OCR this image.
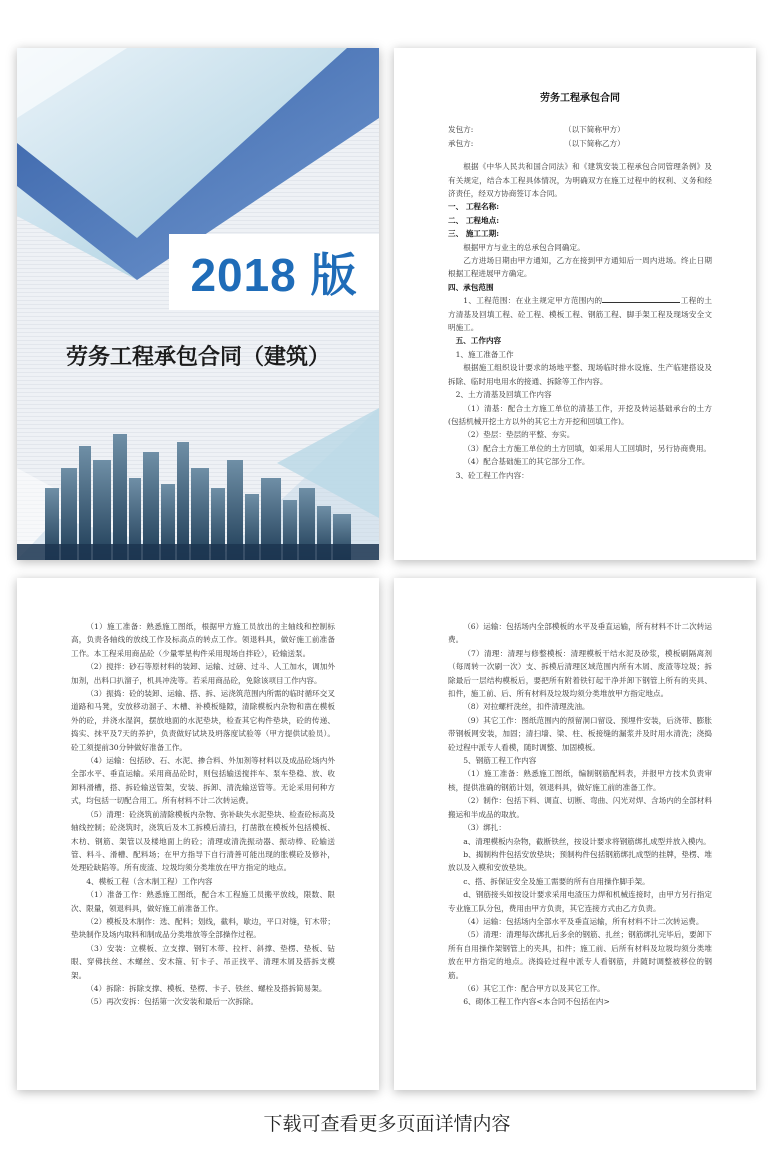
2018 版
劳务工程承包合同（建筑）
劳务工程承包合同
发包方:	（以下简称甲方）
承包方:	（以下简称乙方）
根据《中华人民共和国合同法》和《建筑安装工程承包合同管理条例》及有关规定，结合本工程具体情况，为明确双方在施工过程中的权利、义务和经济责任，经双方协商签订本合同。
一、 工程名称:
二、 工程地点:
三、 施工工期:
根据甲方与业主的总承包合同确定。
乙方进场日期由甲方通知，乙方在接到甲方通知后一周内进场。终止日期根据工程进展甲方确定。
四、承包范围
1、工程范围：在业主规定甲方范围内的	工程的土方清基及回填工程、砼工程、模板工程、钢筋工程、脚手架工程及现场安全文明施工。
五、工作内容
1、施工准备工作
根据施工组织设计要求的场地平整、现场临时排水设施、生产临建搭设及拆除、临时用电用水的接通、拆除等工作内容。
2、土方清基及回填工作内容
（1）清基：配合土方施工单位的清基工作，开挖及转运基础承台的土方(包括机械开挖土方以外的其它土方开挖和回填工作)。
（2）垫层：垫层的平整、夯实。
（3）配合土方施工单位的土方回填，如采用人工回填时，另行协商费用。
（4）配合基础施工的其它部分工作。
3、砼工程工作内容：
（1）施工准备：熟悉施工图纸，根据甲方施工员放出的主轴线和控制标高，负责各轴线的放线工作及标高点的转点工作。领退料具，做好施工前准备工作。本工程采用商品砼（少量零星构件采用现场自拌砼），砼输送泵。
（2）搅拌：砂石等原材料的装卸、运输、过磅、过斗、人工加水，调加外加剂，出料口扒溜子，机具冲洗等。若采用商品砼，免除该项目工作内容。
（3）振捣：砼的装卸、运输、搭、拆、运浇筑范围内所需的临时循环交叉道路和马凳，安放移动溜子、木槽、补模板缝隙，清除模板内杂物和凿在模板外的砼，并浇水湿润，摆放地面的水泥垫块，检查其它构件垫块，砼的传递、捣实、抹平及7天的养护，负责做好试块及坍落度试验等（甲方提供试验员）。砼工须提前30分钟做好准备工作。
（4）运输：包括砂、石、水泥、掺合料、外加剂等材料以及成品砼场内外全部水平、垂直运输。采用商品砼时，则包括输送搅拌车、泵车垫稳、放、收卸料滑槽，搭、拆砼输送管架，安装、拆卸、清洗输送管等。无论采用何种方式，均包括一切配合用工。所有材料不计二次转运费。
（5）清理：砼浇筑前清除模板内杂物、弥补缺失水泥垫块、检查砼标高及轴线控制；砼浇筑时，浇筑后及木工拆模后清扫，打凿散在模板外包括模板、木枋、钢筋、架管以及楼地面上的砼；清理或清洗振动器、振动棒、砼输送管、料斗、滑槽、配料场；在甲方指导下自行清善可能出现的胀模砼及修补，处理砼缺陷等。所有废渣、垃圾均须分类堆放在甲方指定的地点。
4、模板工程（含木制工程）工作内容
（1）准备工作：熟悉施工图纸，配合木工程施工员搬平放线，限数、限次、限量，领退料具，做好施工前准备工作。
（2）模板及木制作：选、配料；划线，截料，歇边，平口对缝，钉木带；垫块制作及场内取料和制成品分类堆放等全部操作过程。
（3）安装：立模板、立支撑、钢钉木带、拉杆、斜撑、垫楞、垫板、钻眼、穿佛扶丝、木螺丝、安木箍、钉卡子、吊正找平、清理木屑及搭拆支模架。
（4）拆除：拆除支撑、模板、垫楞、卡子、铁丝、螺栓及搭拆简易架。
（5）再次安拆：包括第一次安装和最后一次拆除。
（6）运输：包括场内全部模板的水平及垂直运输，所有材料不计二次转运费。
（7）清理：清理与修整模板：清理模板干结水泥及砂浆，模板刷隔离剂（每周转一次刷一次）支、拆模后清理区域范围内所有木屑、废渣等垃圾；拆除最后一层结构模板后，要把所有附着铁钉起干净并卸下钢管上所有的夹具、扣件，施工前、后、所有材料及垃圾均须分类堆放甲方指定地点。
（8）对拉螺杆洗丝，扣件清理洗油。
（9）其它工作：图纸范围内的预留洞口留设、预埋件安装，后浇带、膨胀带钢板网安装，加固；清扫墙、梁、柱、板接缝的漏浆并及时用水清洗；浇捣砼过程中派专人看模，随时调整、加固模板。
5、钢筋工程工作内容
（1）施工准备：熟悉施工图纸，编制钢筋配料表，并报甲方技术负责审核，提供准确的钢筋计划，领退料具，做好施工前的准备工作。
（2）制作：包括下料、调直、切断、弯曲、闪光对焊、含场内的全部材料搬运和半成品的取放。
（3）绑扎：
a、清理模板内杂物，截断铁丝，按设计要求将钢筋绑扎成型并放入模内。
b、揭制构件包括安放垫块；预制构件包括钢筋绑扎成型的挂牌，垫楞、堆放以及入模和安放垫块。
c、搭、拆保证安全及施工需要的所有自用操作脚手架。
d、钢筋接头如按设计要求采用电渣压力焊和机械连接时，由甲方另行指定专业施工队分包，费用由甲方负责，其它连接方式由乙方负责。
（4）运输：包括场内全部水平及垂直运输，所有材料不计二次转运费。
（5）清理：清理每次绑扎后多余的钢筋、扎丝；钢筋绑扎完毕后，要卸下所有自用操作架钢管上的夹具，扣件；施工前、后所有材料及垃圾均须分类堆放在甲方指定的地点。浇捣砼过程中派专人看钢筋，并随时调整被移位的钢筋。
（6）其它工作：配合甲方以及其它工作。
6、砌体工程工作内容<本合同不包括在内>
下载可查看更多页面详情内容
